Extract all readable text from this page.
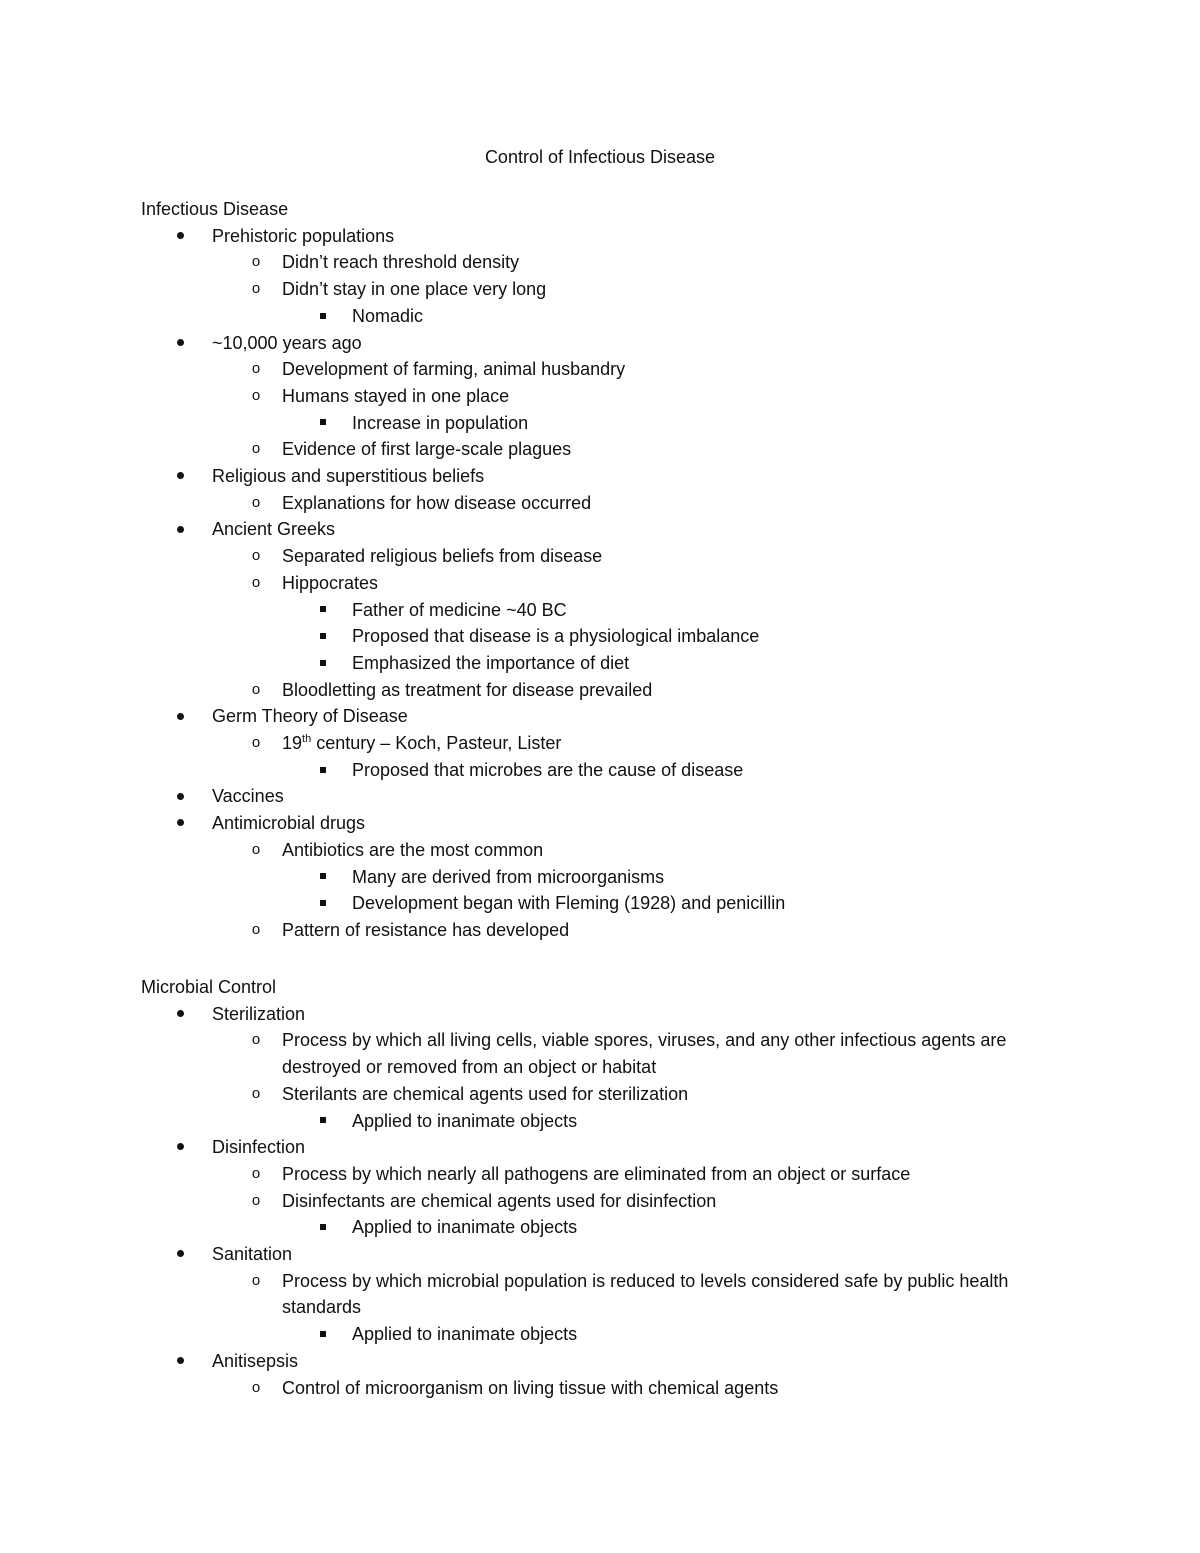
Control of Infectious Disease
Infectious Disease
Prehistoric populations
o	Didn’t reach threshold density
o	Didn’t stay in one place very long
Nomadic
~10,000 years ago
o	Development of farming, animal husbandry
o	Humans stayed in one place
Increase in population
o	Evidence of first large-scale plagues
Religious and superstitious beliefs
o	Explanations for how disease occurred
Ancient Greeks
o	Separated religious beliefs from disease
o	Hippocrates
Father of medicine ~40 BC
Proposed that disease is a physiological imbalance
Emphasized the importance of diet
o	Bloodletting as treatment for disease prevailed
Germ Theory of Disease
o	19th century – Koch, Pasteur, Lister
Proposed that microbes are the cause of disease
Vaccines
Antimicrobial drugs
o	Antibiotics are the most common
Many are derived from microorganisms
Development began with Fleming (1928) and penicillin
o	Pattern of resistance has developed
Microbial Control
Sterilization
o	Process by which all living cells, viable spores, viruses, and any other infectious agents are destroyed or removed from an object or habitat
o	Sterilants are chemical agents used for sterilization
Applied to inanimate objects
Disinfection
o	Process by which nearly all pathogens are eliminated from an object or surface
o	Disinfectants are chemical agents used for disinfection
Applied to inanimate objects
Sanitation
o	Process by which microbial population is reduced to levels considered safe by public health standards
Applied to inanimate objects
Anitisepsis
o	Control of microorganism on living tissue with chemical agents
